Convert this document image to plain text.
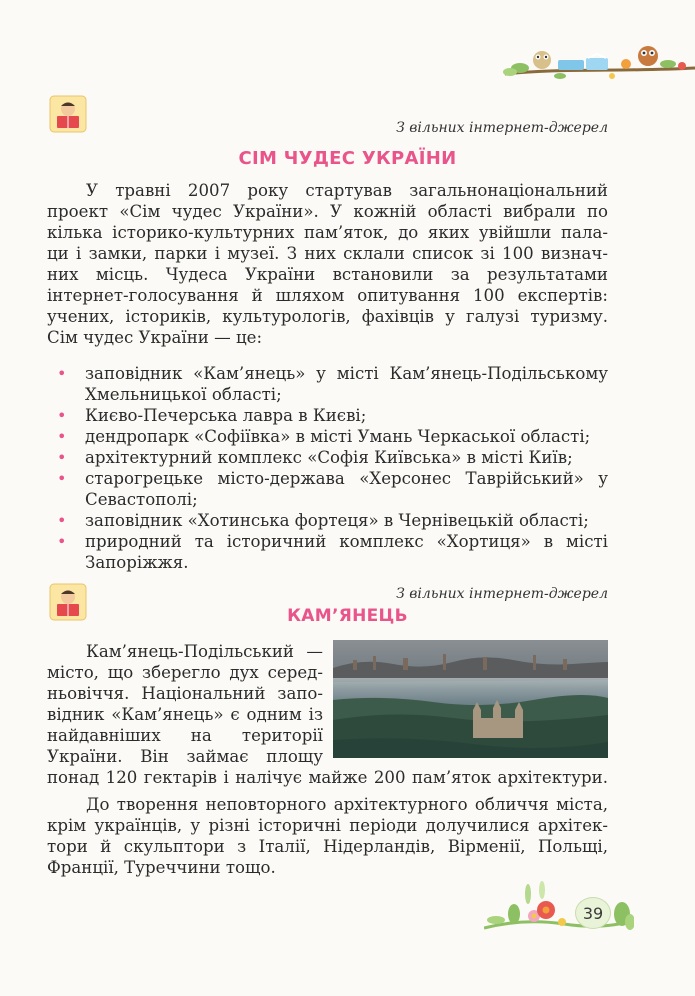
З вільних інтернет-джерел
СІМ ЧУДЕС УКРАЇНИ
У травні 2007 року стартував загальнонаціональний
проект «Сім чудес України». У кожній області вибрали по
кілька історико-культурних пам’яток, до яких увійшли пала-
ци і замки, парки і музеї. З них склали список зі 100 визнач-
них місць. Чудеса України встановили за результатами
інтернет-голосування й шляхом опитування 100 експертів:
учених, істориків, культурологів, фахівців у галузі туризму.
Сім чудес України — це:
• заповідник «Кам’янець» у місті Кам’янець-Подільському Хмельницької області;
• Києво-Печерська лавра в Києві;
• дендропарк «Софіївка» в місті Умань Черкаської області;
• архітектурний комплекс «Софія Київська» в місті Київ;
• старогрецьке місто-держава «Херсонес Таврійський» у Севастополі;
• заповідник «Хотинська фортеця» в Чернівецькій області;
• природний та історичний комплекс «Хортиця» в місті Запоріжжя.
З вільних інтернет-джерел
КАМ’ЯНЕЦЬ
Кам’янець-Подільський —
місто, що зберегло дух серед-
ньовіччя. Національний запо-
відник «Кам’янець» є одним із
найдавніших на території
України. Він займає площу
понад 120 гектарів і налічує майже 200 пам’яток архітектури.
До творення неповторного архітектурного обличчя міста,
крім українців, у різні історичні періоди долучилися архітек-
тори й скульптори з Італії, Нідерландів, Вірменії, Польщі,
Франції, Туреччини тощо.
39
